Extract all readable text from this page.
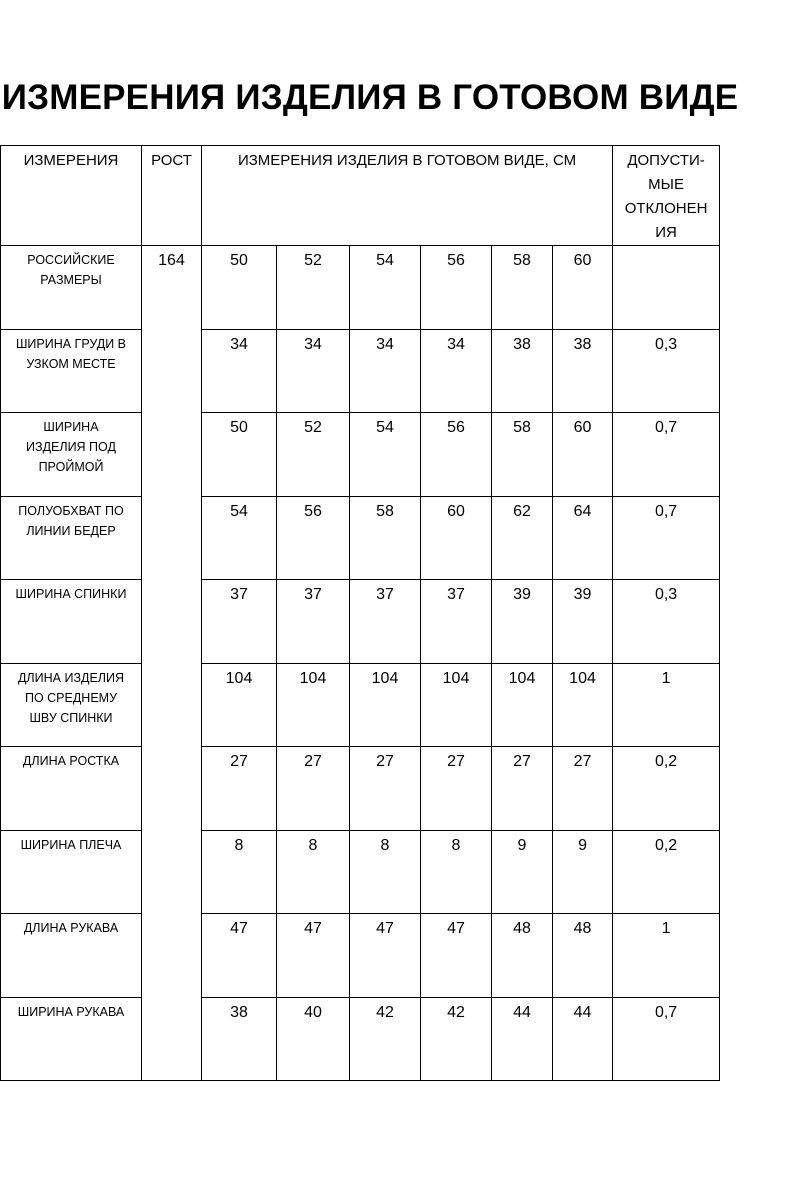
ИЗМЕРЕНИЯ ИЗДЕЛИЯ В ГОТОВОМ ВИДЕ
ИЗМЕРЕНИЯ	РОСТ	ИЗМЕРЕНИЯ ИЗДЕЛИЯ В ГОТОВОМ ВИДЕ, СМ						ДОПУСТИ-
МЫЕ
ОТКЛОНЕН
ИЯ

РОССИЙСКИЕ
РАЗМЕРЫ	164	50	52	54	56	58	60	

ШИРИНА ГРУДИ В
УЗКОМ МЕСТЕ		34	34	34	34	38	38	0,3

ШИРИНА
ИЗДЕЛИЯ ПОД
ПРОЙМОЙ		50	52	54	56	58	60	0,7

ПОЛУОБХВАТ ПО
ЛИНИИ БЕДЕР		54	56	58	60	62	64	0,7

ШИРИНА СПИНКИ		37	37	37	37	39	39	0,3

ДЛИНА ИЗДЕЛИЯ
ПО СРЕДНЕМУ
ШВУ СПИНКИ		104	104	104	104	104	104	1

ДЛИНА РОСТКА		27	27	27	27	27	27	0,2

ШИРИНА ПЛЕЧА		8	8	8	8	9	9	0,2

ДЛИНА РУКАВА		47	47	47	47	48	48	1

ШИРИНА РУКАВА		38	40	42	42	44	44	0,7
